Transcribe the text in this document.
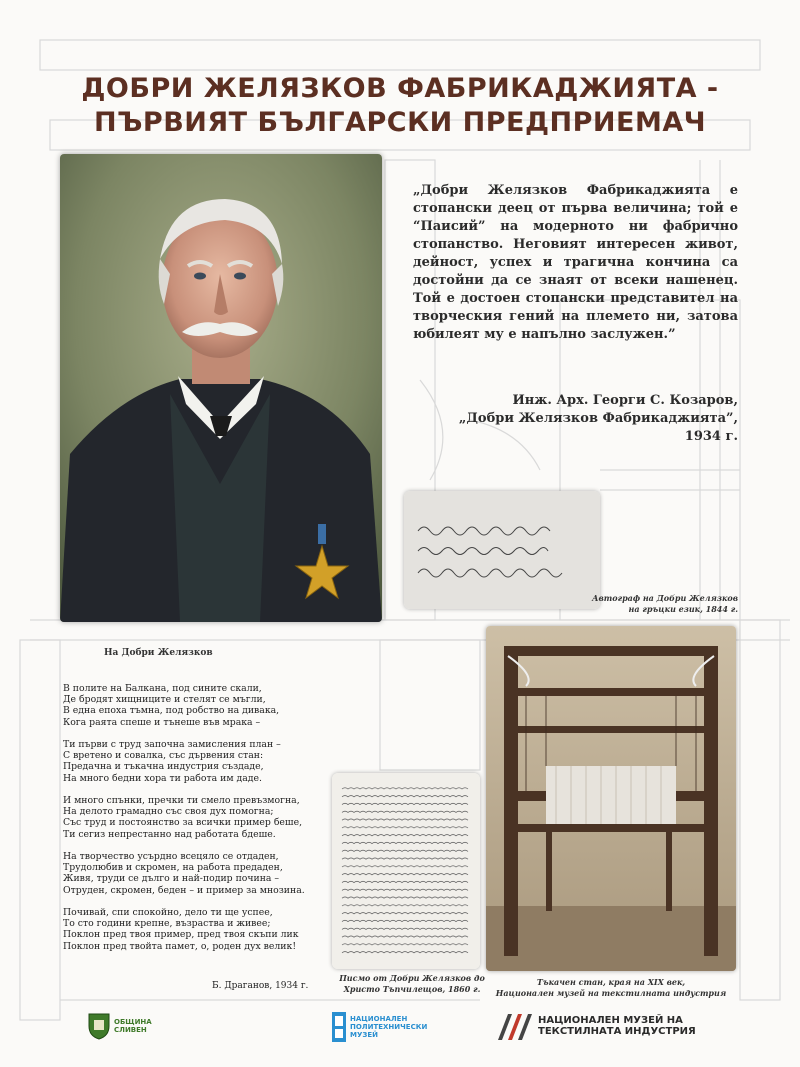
ДОБРИ ЖЕЛЯЗКОВ ФАБРИКАДЖИЯТА -
ПЪРВИЯТ БЪЛГАРСКИ ПРЕДПРИЕМАЧ
„Добри Желязков Фабрикаджията е стопански деец от първа величина; той е “Паисий” на модерното ни фабрично стопанство. Неговият интересен живот, дейност, успех и трагична кончина са достойни да се знаят от всеки нашенец. Той е достоен стопански представител на творческия гений на племето ни, затова юбилеят му е напълно заслужен.”
Инж. Арх. Георги С. Козаров,
„Добри Желязков Фабрикаджията”,
1934 г.
Автограф на Добри Желязков
на гръцки език, 1844 г.
На Добри Желязков
В полите на Балкана, под сините скали,
Де бродят хищниците и стелят се мъгли,
В една епоха тъмна, под робство на дивака,
Кога раята спеше и тънеше във мрака –
Ти първи с труд започна замисления план –
С вретено и совалка, със дървения стан:
Предачна и тъкачна индустрия създаде,
На много бедни хора ти работа им даде.
И много спънки, пречки ти смело превъзмогна,
На делото грамадно със своя дух помогна;
Със труд и постоянство за всички пример беше,
Ти сегиз непрестанно над работата бдеше.
На творчество усърдно всецяло се отдаден,
Трудолюбив и скромен, на работа предаден,
Живя, труди се дълго и най-подир почина –
Отруден, скромен, беден – и пример за мнозина.
Почивай, спи спокойно, дело ти ще успее,
То сто години крепне, възраства и живее;
Поклон пред твоя пример, пред твоя скъпи лик
Поклон пред твойта памет, о, роден дух велик!
Б. Драганов, 1934 г.
Писмо от Добри Желязков до
Христо Тъпчилещов, 1860 г.
Тъкачен стан, края на XIX век,
Национален музей на текстилната индустрия
ОБЩИНА
СЛИВЕН
НАЦИОНАЛЕН
ПОЛИТЕХНИЧЕСКИ
МУЗЕЙ
НАЦИОНАЛЕН МУЗЕЙ НА
ТЕКСТИЛНАТА ИНДУСТРИЯ
